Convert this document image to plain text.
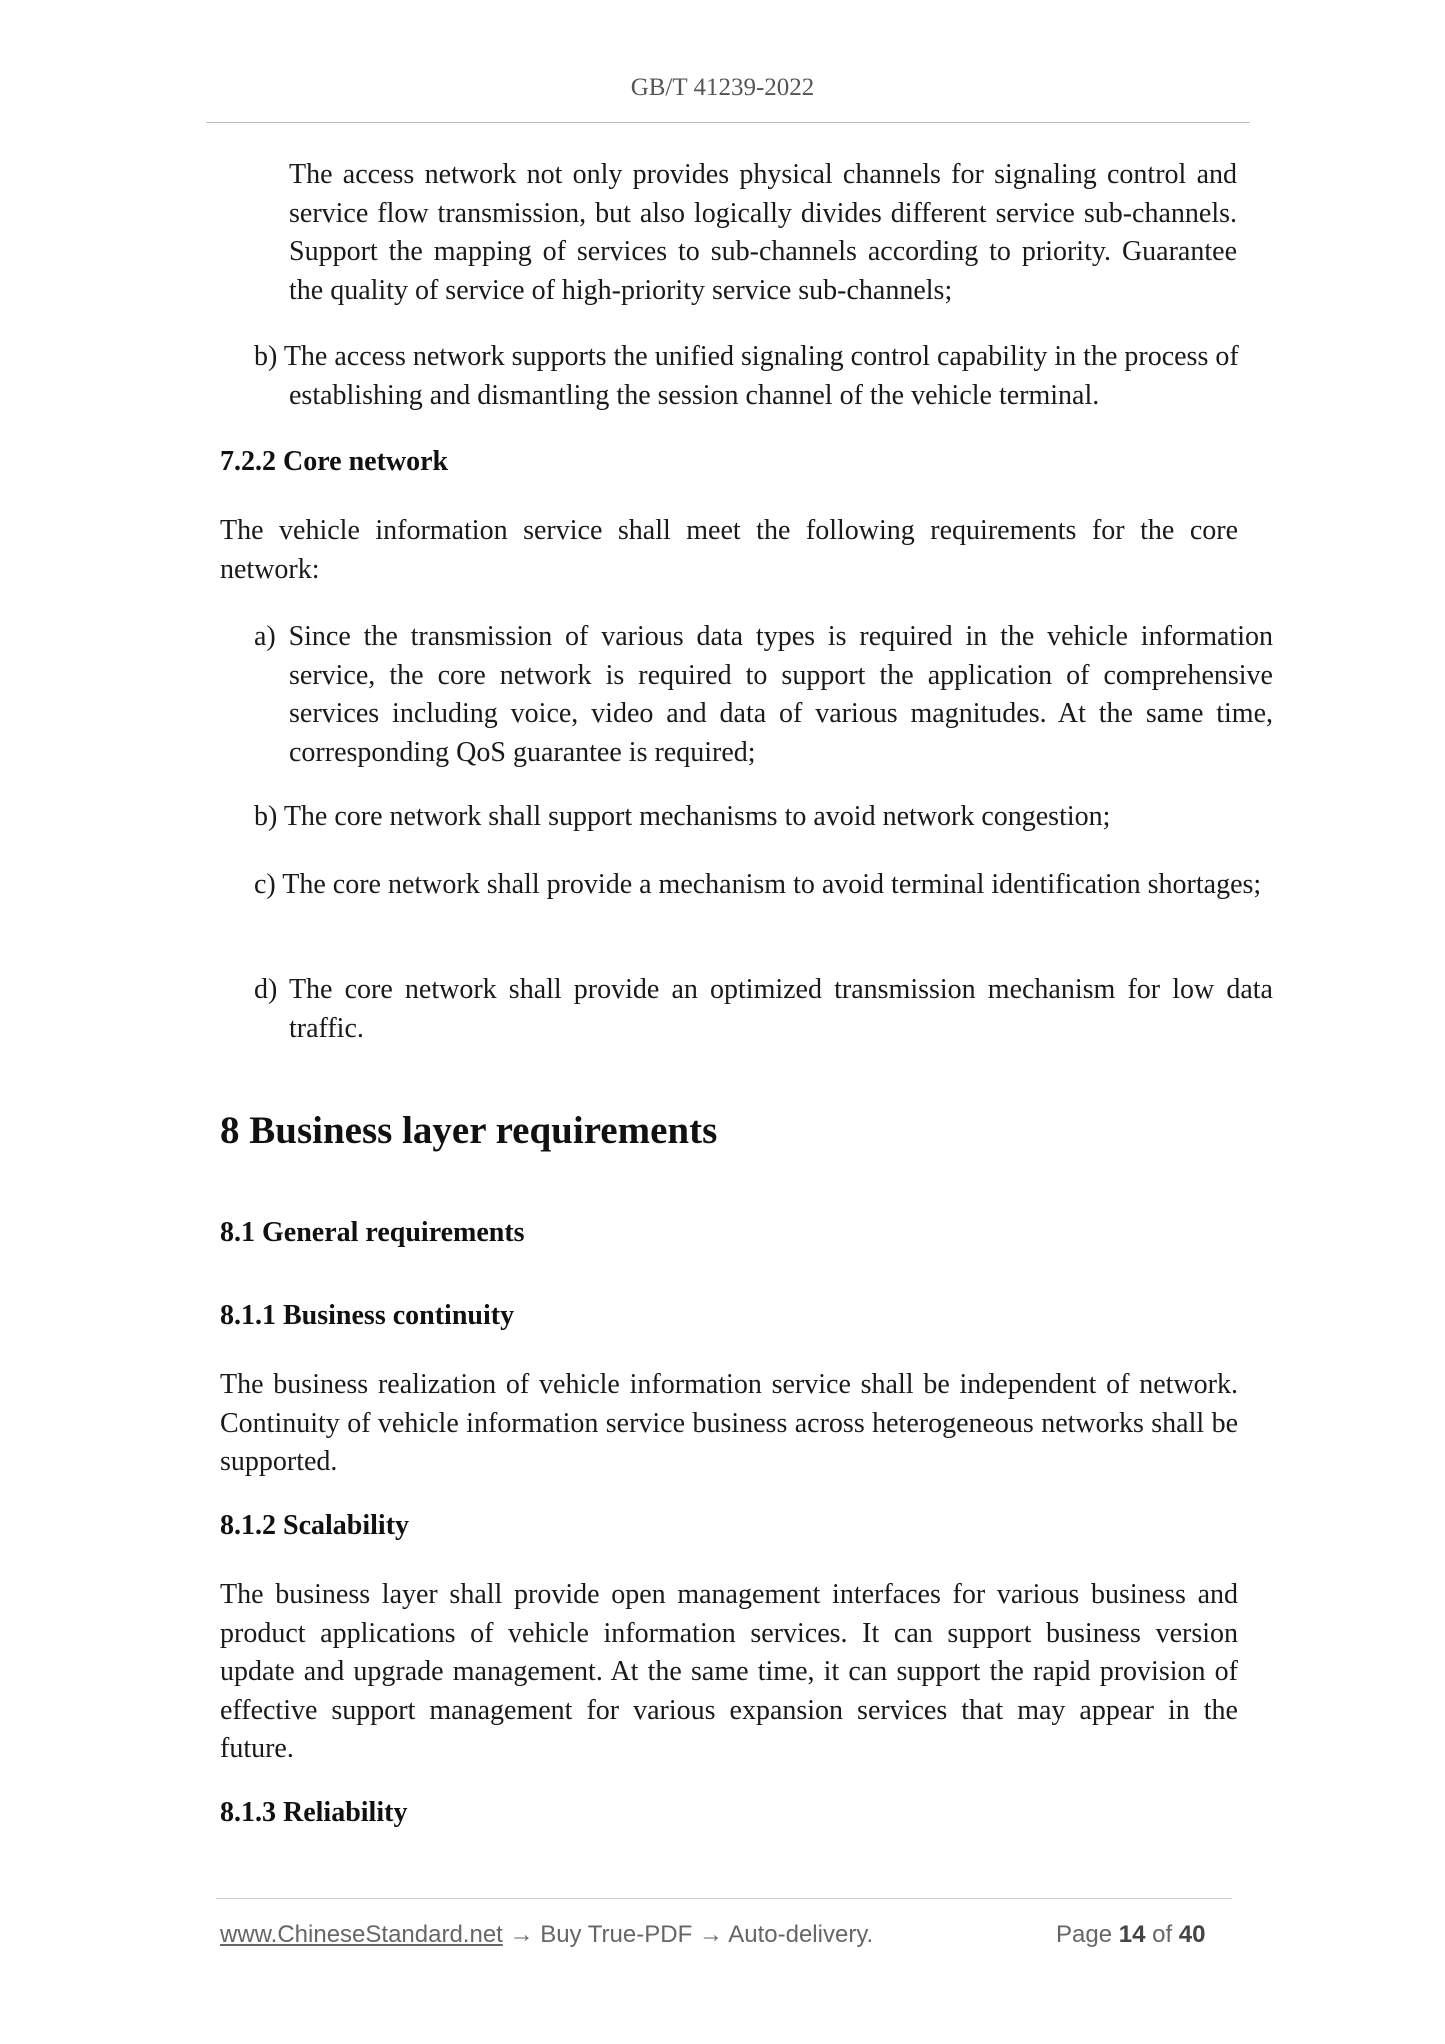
GB/T 41239-2022

The access network not only provides physical channels for signaling control and service flow transmission, but also logically divides different service sub-channels. Support the mapping of services to sub-channels according to priority. Guarantee the quality of service of high-priority service sub-channels;

b) The access network supports the unified signaling control capability in the process of establishing and dismantling the session channel of the vehicle terminal.

7.2.2 Core network

The vehicle information service shall meet the following requirements for the core network:

a) Since the transmission of various data types is required in the vehicle information service, the core network is required to support the application of comprehensive services including voice, video and data of various magnitudes. At the same time, corresponding QoS guarantee is required;

b) The core network shall support mechanisms to avoid network congestion;

c) The core network shall provide a mechanism to avoid terminal identification shortages;

d) The core network shall provide an optimized transmission mechanism for low data traffic.

8 Business layer requirements

8.1 General requirements

8.1.1 Business continuity

The business realization of vehicle information service shall be independent of network. Continuity of vehicle information service business across heterogeneous networks shall be supported.

8.1.2 Scalability

The business layer shall provide open management interfaces for various business and product applications of vehicle information services. It can support business version update and upgrade management. At the same time, it can support the rapid provision of effective support management for various expansion services that may appear in the future.

8.1.3 Reliability

www.ChineseStandard.net → Buy True-PDF → Auto-delivery.	Page 14 of 40
